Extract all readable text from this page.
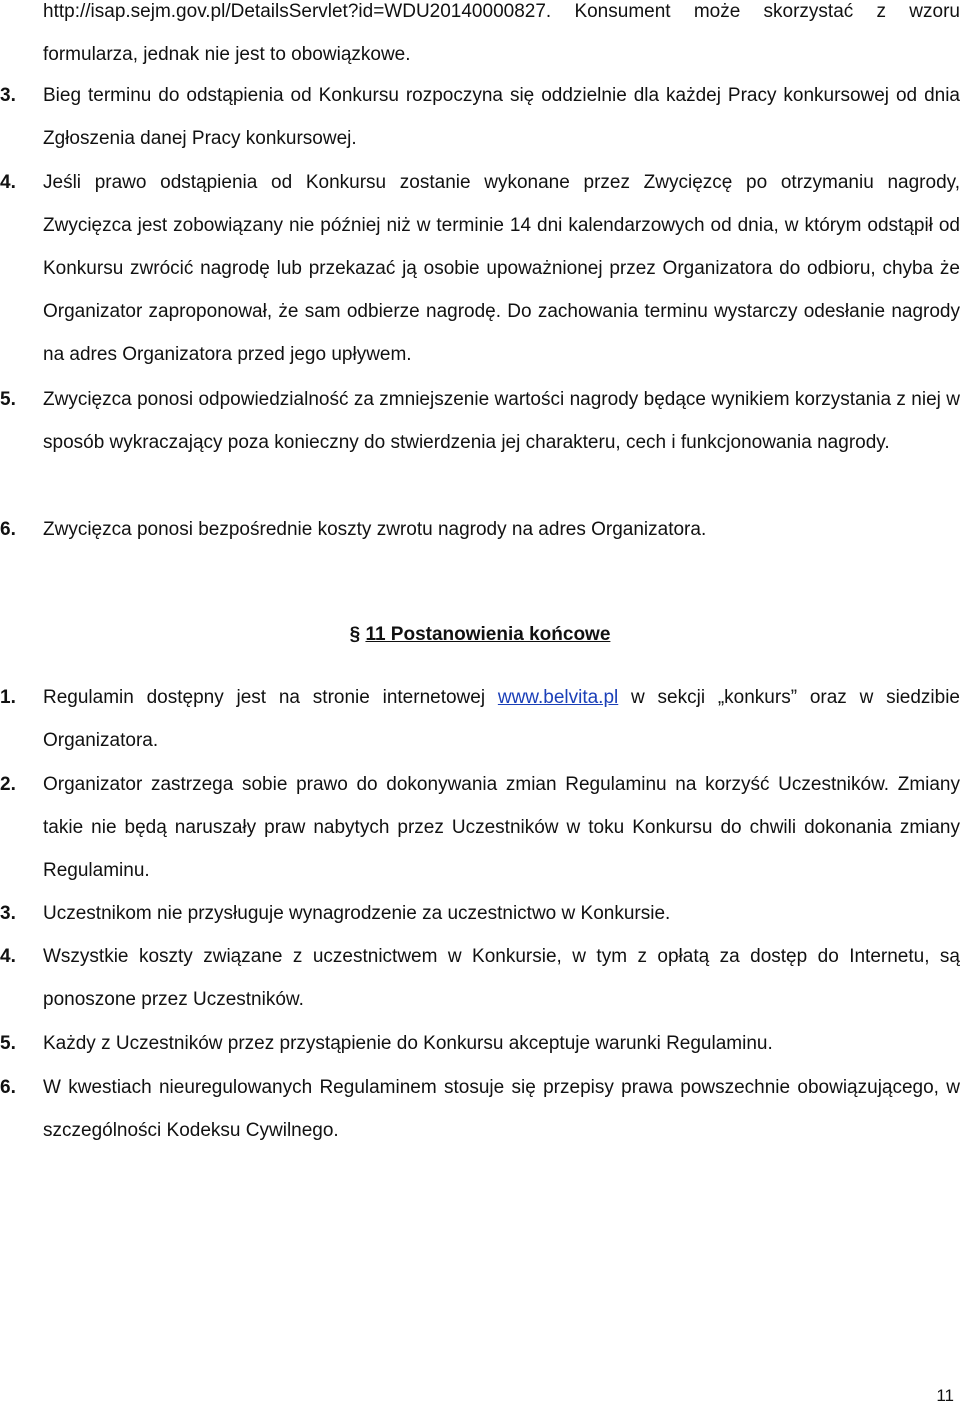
http://isap.sejm.gov.pl/DetailsServlet?id=WDU20140000827. Konsument może skorzystać z wzoru formularza, jednak nie jest to obowiązkowe.
3. Bieg terminu do odstąpienia od Konkursu rozpoczyna się oddzielnie dla każdej Pracy konkursowej od dnia Zgłoszenia danej Pracy konkursowej.
4. Jeśli prawo odstąpienia od Konkursu zostanie wykonane przez Zwycięzcę po otrzymaniu nagrody, Zwycięzca jest zobowiązany nie później niż w terminie 14 dni kalendarzowych od dnia, w którym odstąpił od Konkursu zwrócić nagrodę lub przekazać ją osobie upoważnionej przez Organizatora do odbioru, chyba że Organizator zaproponował, że sam odbierze nagrodę. Do zachowania terminu wystarczy odesłanie nagrody na adres Organizatora przed jego upływem.
5. Zwycięzca ponosi odpowiedzialność za zmniejszenie wartości nagrody będące wynikiem korzystania z niej w sposób wykraczający poza konieczny do stwierdzenia jej charakteru, cech i funkcjonowania nagrody.
6. Zwycięzca ponosi bezpośrednie koszty zwrotu nagrody na adres Organizatora.
§ 11 Postanowienia końcowe
1. Regulamin dostępny jest na stronie internetowej www.belvita.pl w sekcji „konkurs” oraz w siedzibie Organizatora.
2. Organizator zastrzega sobie prawo do dokonywania zmian Regulaminu na korzyść Uczestników. Zmiany takie nie będą naruszały praw nabytych przez Uczestników w toku Konkursu do chwili dokonania zmiany Regulaminu.
3. Uczestnikom nie przysługuje wynagrodzenie za uczestnictwo w Konkursie.
4. Wszystkie koszty związane z uczestnictwem w Konkursie, w tym z opłatą za dostęp do Internetu, są ponoszone przez Uczestników.
5. Każdy z Uczestników przez przystąpienie do Konkursu akceptuje warunki Regulaminu.
6. W kwestiach nieuregulowanych Regulaminem stosuje się przepisy prawa powszechnie obowiązującego, w szczególności Kodeksu Cywilnego.
11
